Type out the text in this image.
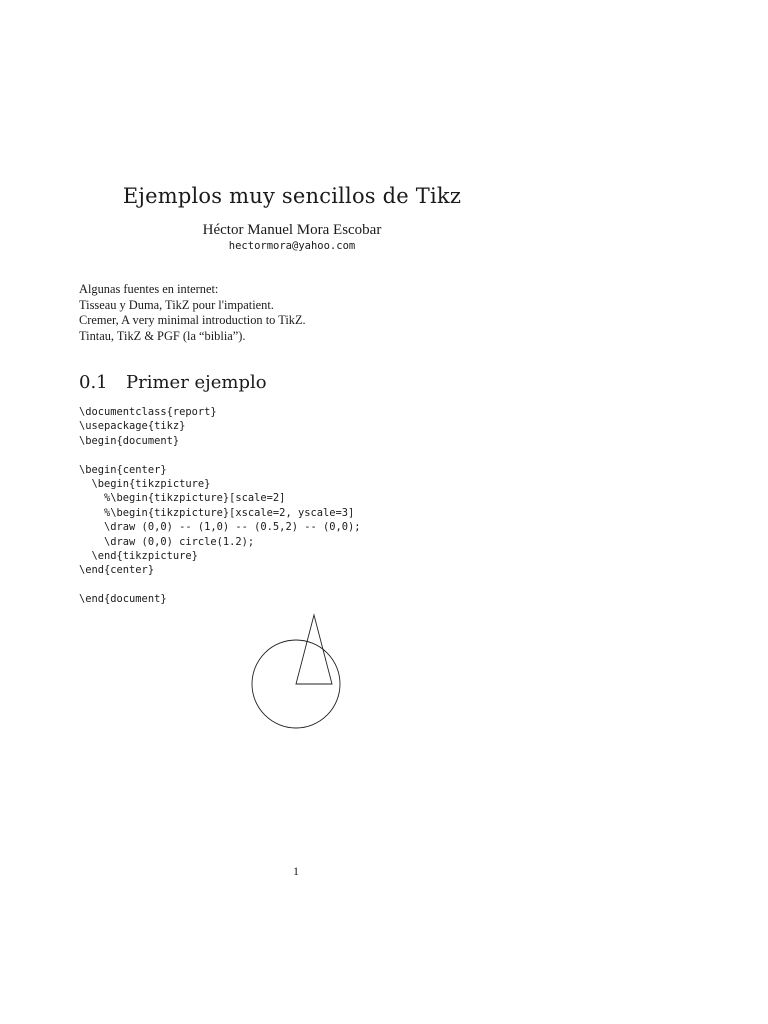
Ejemplos muy sencillos de Tikz
Héctor Manuel Mora Escobar
hectormora@yahoo.com
Algunas fuentes en internet:
Tisseau y Duma, TikZ pour l'impatient.
Cremer, A very minimal introduction to TikZ.
Tintau, TikZ & PGF (la “biblia”).
0.1 Primer ejemplo
\documentclass{report}
\usepackage{tikz}
\begin{document}
\begin{center}
\begin{tikzpicture}
%\begin{tikzpicture}[scale=2]
%\begin{tikzpicture}[xscale=2, yscale=3]
\draw (0,0) -- (1,0) -- (0.5,2) -- (0,0);
\draw (0,0) circle(1.2);
\end{tikzpicture}
\end{center}
\end{document}
1
